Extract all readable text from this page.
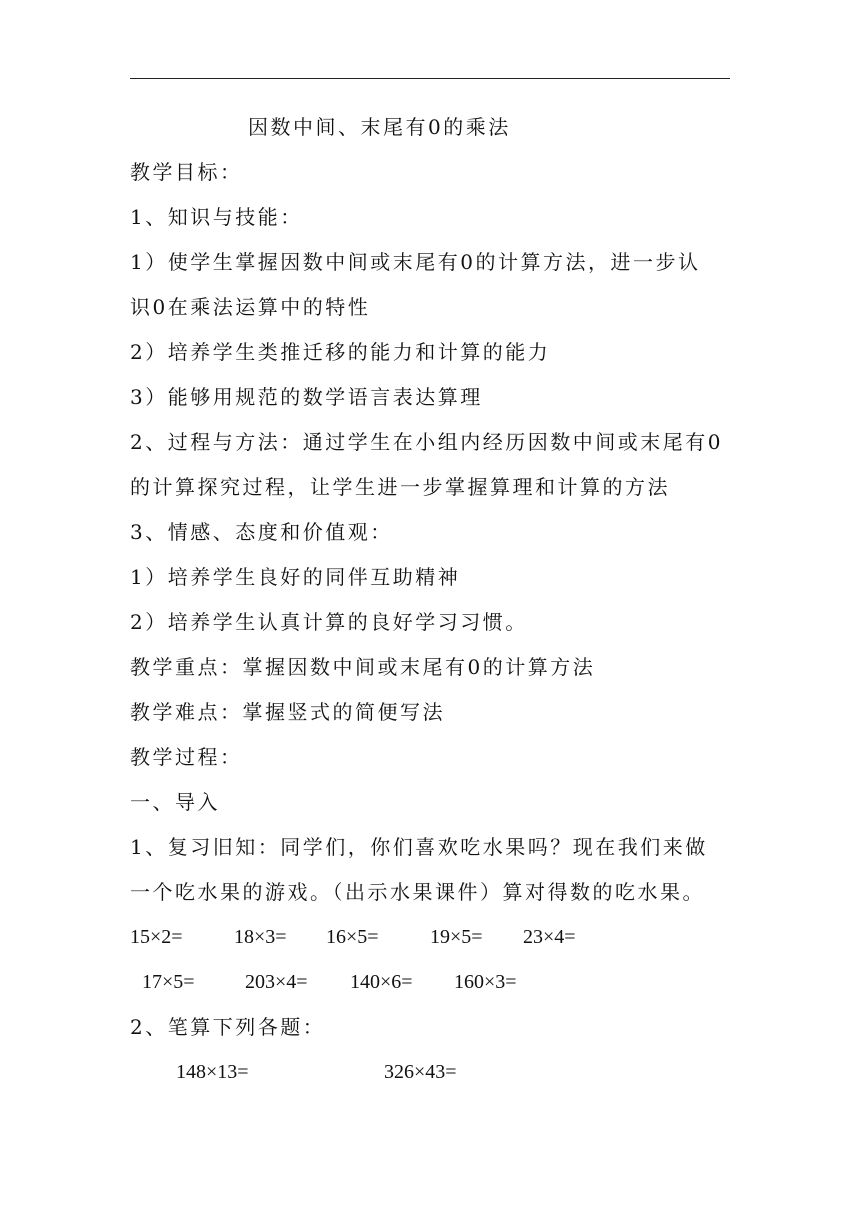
因数中间、末尾有0的乘法
教学目标：
1、知识与技能：
1）使学生掌握因数中间或末尾有0的计算方法，进一步认
识0在乘法运算中的特性
2）培养学生类推迁移的能力和计算的能力
3）能够用规范的数学语言表达算理
2、过程与方法：通过学生在小组内经历因数中间或末尾有0
的计算探究过程，让学生进一步掌握算理和计算的方法
3、情感、态度和价值观：
1）培养学生良好的同伴互助精神
2）培养学生认真计算的良好学习习惯。
教学重点：掌握因数中间或末尾有0的计算方法
教学难点：掌握竖式的简便写法
教学过程：
一、导入
1、复习旧知：同学们，你们喜欢吃水果吗？现在我们来做
一个吃水果的游戏。（出示水果课件）算对得数的吃水果。
15×2=	18×3= 16×5=	19×5= 23×4=
17×5=	203×4= 140×6= 160×3=
2、笔算下列各题：
148×13=	326×43=
